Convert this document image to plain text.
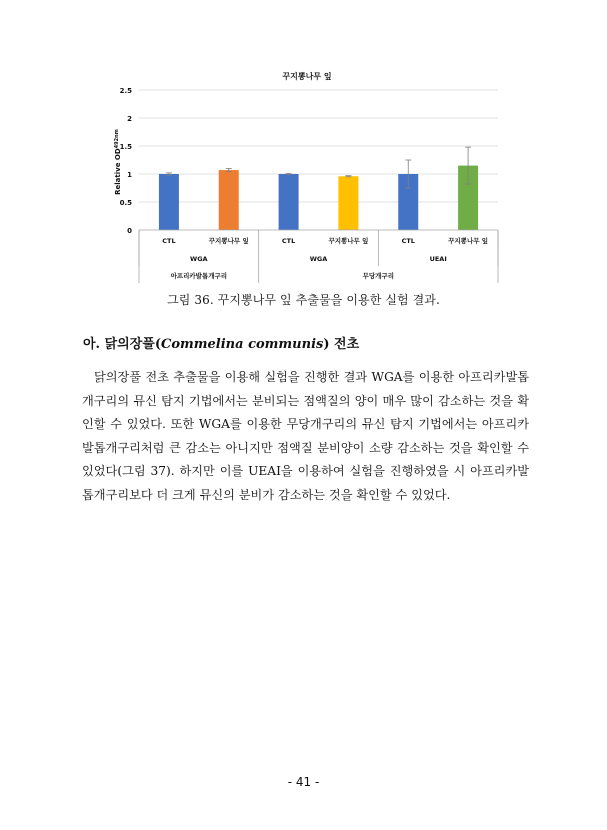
꾸지뽕나무 잎
0
0.5
1
1.5
2
2.5
Relative $OD^{492nm}$
CTL	꾸지뽕나무 잎	CTL	꾸지뽕나무 잎	CTL	꾸지뽕나무 잎
WGA	WGA	UEAI
아프리카발톱개구리	무당개구리
그림 36. 꾸지뽕나무 잎 추출물을 이용한 실험 결과.
아. 닭의장풀(Commelina communis) 전초
닭의장풀 전초 추출물을 이용해 실험을 진행한 결과 WGA를 이용한 아프리카발톱개구리의 뮤신 탐지 기법에서는 분비되는 점액질의 양이 매우 많이 감소하는 것을 확인할 수 있었다. 또한 WGA를 이용한 무당개구리의 뮤신 탐지 기법에서는 아프리카발톱개구리처럼 큰 감소는 아니지만 점액질 분비양이 소량 감소하는 것을 확인할 수 있었다(그림 37). 하지만 이를 UEAI을 이용하여 실험을 진행하였을 시 아프리카발톱개구리보다 더 크게 뮤신의 분비가 감소하는 것을 확인할 수 있었다.
- 41 -
